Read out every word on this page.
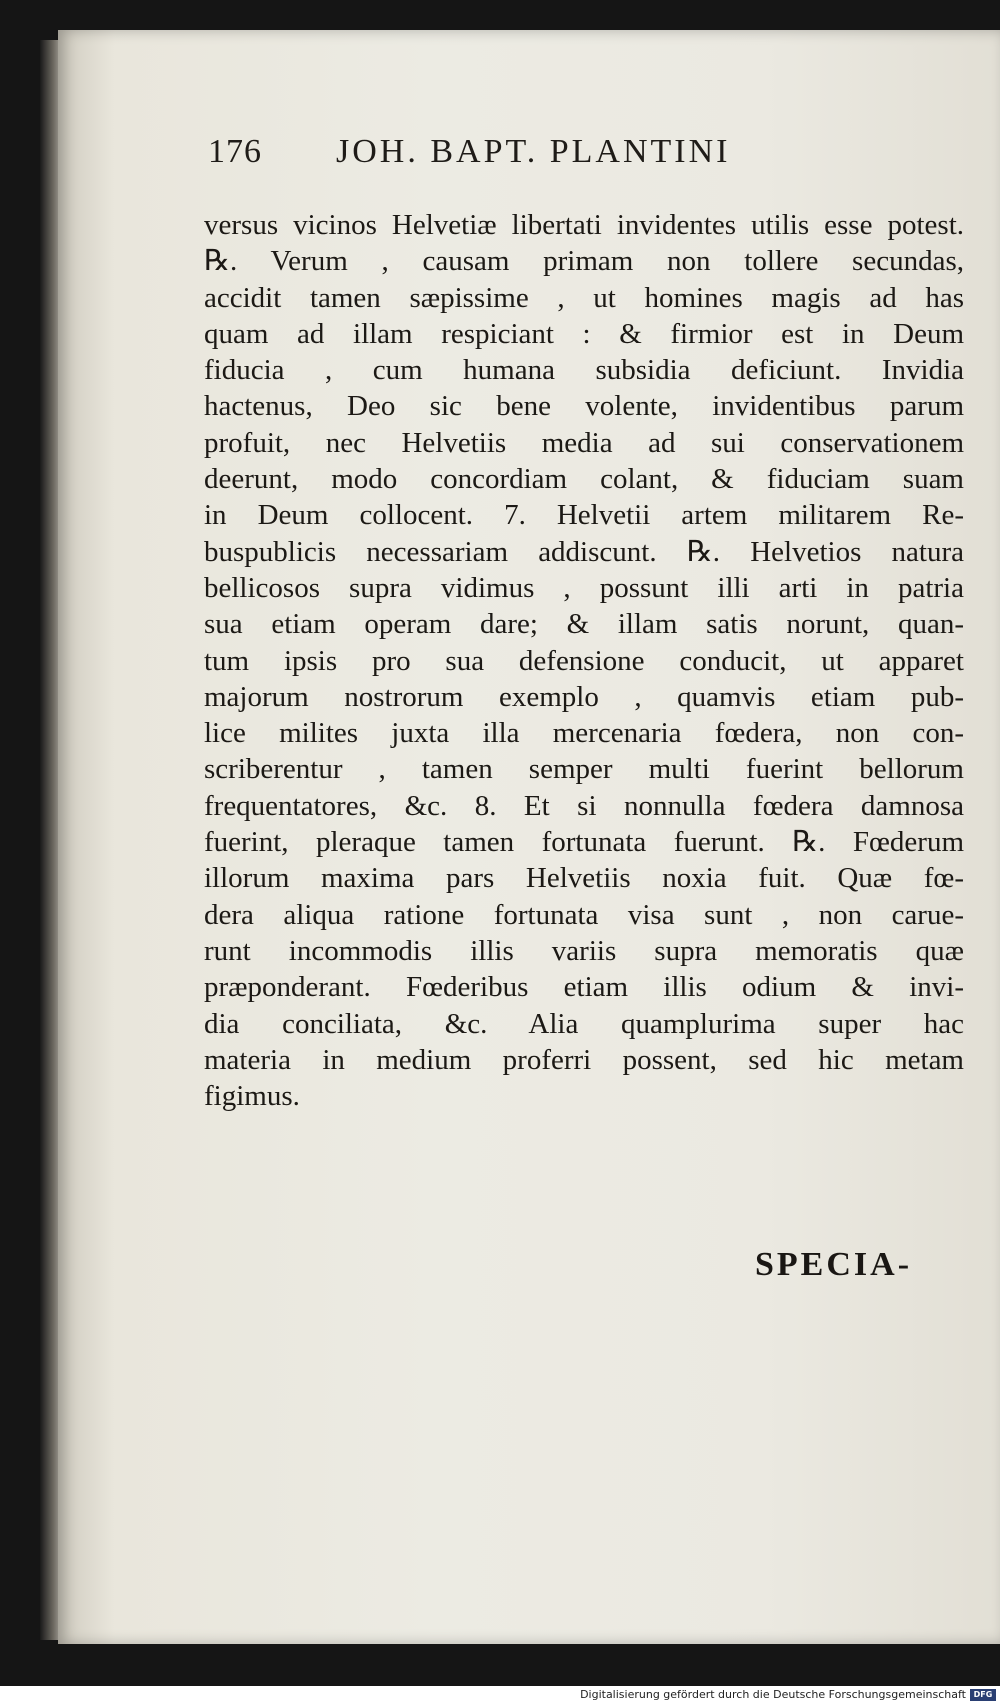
176 JOH. BAPT. PLANTINI
versus vicinos Helvetiæ libertati invidentes utilis esse potest.
℞. Verum , causam primam non tollere secundas,
accidit tamen sæpissime , ut homines magis ad has
quam ad illam respiciant : & firmior est in Deum
fiducia , cum humana subsidia deficiunt. Invidia
hactenus, Deo sic bene volente, invidentibus parum
profuit, nec Helvetiis media ad sui conservationem
deerunt, modo concordiam colant, & fiduciam suam
in Deum collocent. 7. Helvetii artem militarem Re-
buspublicis necessariam addiscunt. ℞. Helvetios natura
bellicosos supra vidimus , possunt illi arti in patria
sua etiam operam dare; & illam satis norunt, quan-
tum ipsis pro sua defensione conducit, ut apparet
majorum nostrorum exemplo , quamvis etiam pub-
lice milites juxta illa mercenaria fœdera, non con-
scriberentur , tamen semper multi fuerint bellorum
frequentatores, &c. 8. Et si nonnulla fœdera damnosa
fuerint, pleraque tamen fortunata fuerunt. ℞. Fœderum
illorum maxima pars Helvetiis noxia fuit. Quæ fœ-
dera aliqua ratione fortunata visa sunt , non carue-
runt incommodis illis variis supra memoratis quæ
præponderant. Fœderibus etiam illis odium & invi-
dia conciliata, &c. Alia quamplurima super hac
materia in medium proferri possent, sed hic metam
figimus.
SPECIA-
Digitalisierung gefördert durch die Deutsche Forschungsgemeinschaft DFG
